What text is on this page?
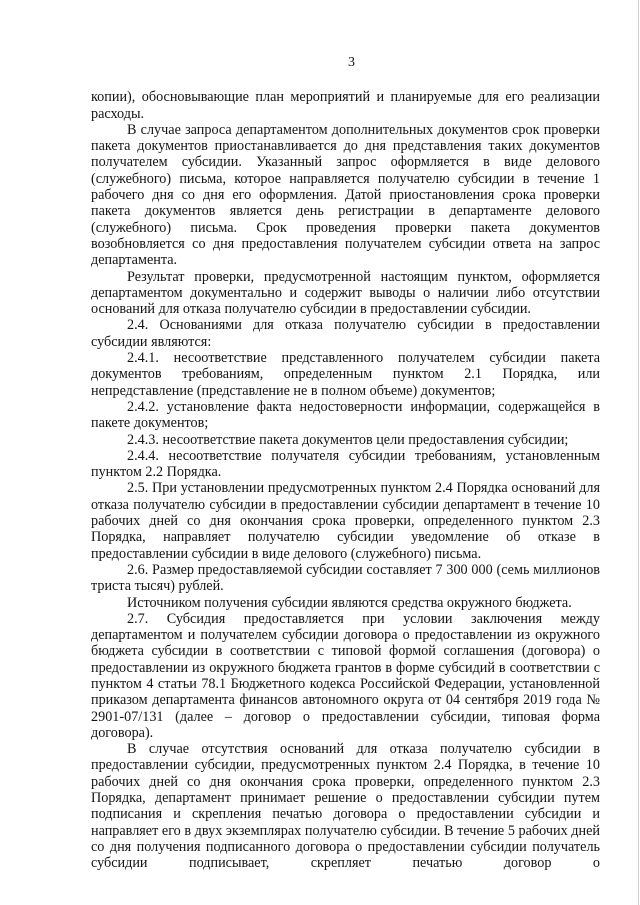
3

копии), обосновывающие план мероприятий и планируемые для его реализации расходы.

В случае запроса департаментом дополнительных документов срок проверки пакета документов приостанавливается до дня представления таких документов получателем субсидии. Указанный запрос оформляется в виде делового (служебного) письма, которое направляется получателю субсидии в течение 1 рабочего дня со дня его оформления. Датой приостановления срока проверки пакета документов является день регистрации в департаменте делового (служебного) письма. Срок проведения проверки пакета документов возобновляется со дня предоставления получателем субсидии ответа на запрос департамента.

Результат проверки, предусмотренной настоящим пунктом, оформляется департаментом документально и содержит выводы о наличии либо отсутствии оснований для отказа получателю субсидии в предоставлении субсидии.

2.4. Основаниями для отказа получателю субсидии в предоставлении субсидии являются:

2.4.1. несоответствие представленного получателем субсидии пакета документов требованиям, определенным пунктом 2.1 Порядка, или непредставление (представление не в полном объеме) документов;

2.4.2. установление факта недостоверности информации, содержащейся в пакете документов;

2.4.3. несоответствие пакета документов цели предоставления субсидии;

2.4.4. несоответствие получателя субсидии требованиям, установленным пунктом 2.2 Порядка.

2.5. При установлении предусмотренных пунктом 2.4 Порядка оснований для отказа получателю субсидии в предоставлении субсидии департамент в течение 10 рабочих дней со дня окончания срока проверки, определенного пунктом 2.3 Порядка, направляет получателю субсидии уведомление об отказе в предоставлении субсидии в виде делового (служебного) письма.

2.6. Размер предоставляемой субсидии составляет 7 300 000 (семь миллионов триста тысяч) рублей.

Источником получения субсидии являются средства окружного бюджета.

2.7. Субсидия предоставляется при условии заключения между департаментом и получателем субсидии договора о предоставлении из окружного бюджета субсидии в соответствии с типовой формой соглашения (договора) о предоставлении из окружного бюджета грантов в форме субсидий в соответствии с пунктом 4 статьи 78.1 Бюджетного кодекса Российской Федерации, установленной приказом департамента финансов автономного округа от 04 сентября 2019 года № 2901-07/131 (далее – договор о предоставлении субсидии, типовая форма договора).

В случае отсутствия оснований для отказа получателю субсидии в предоставлении субсидии, предусмотренных пунктом 2.4 Порядка, в течение 10 рабочих дней со дня окончания срока проверки, определенного пунктом 2.3 Порядка, департамент принимает решение о предоставлении субсидии путем подписания и скрепления печатью договора о предоставлении субсидии и направляет его в двух экземплярах получателю субсидии. В течение 5 рабочих дней со дня получения подписанного договора о предоставлении субсидии получатель субсидии подписывает, скрепляет печатью договор о
